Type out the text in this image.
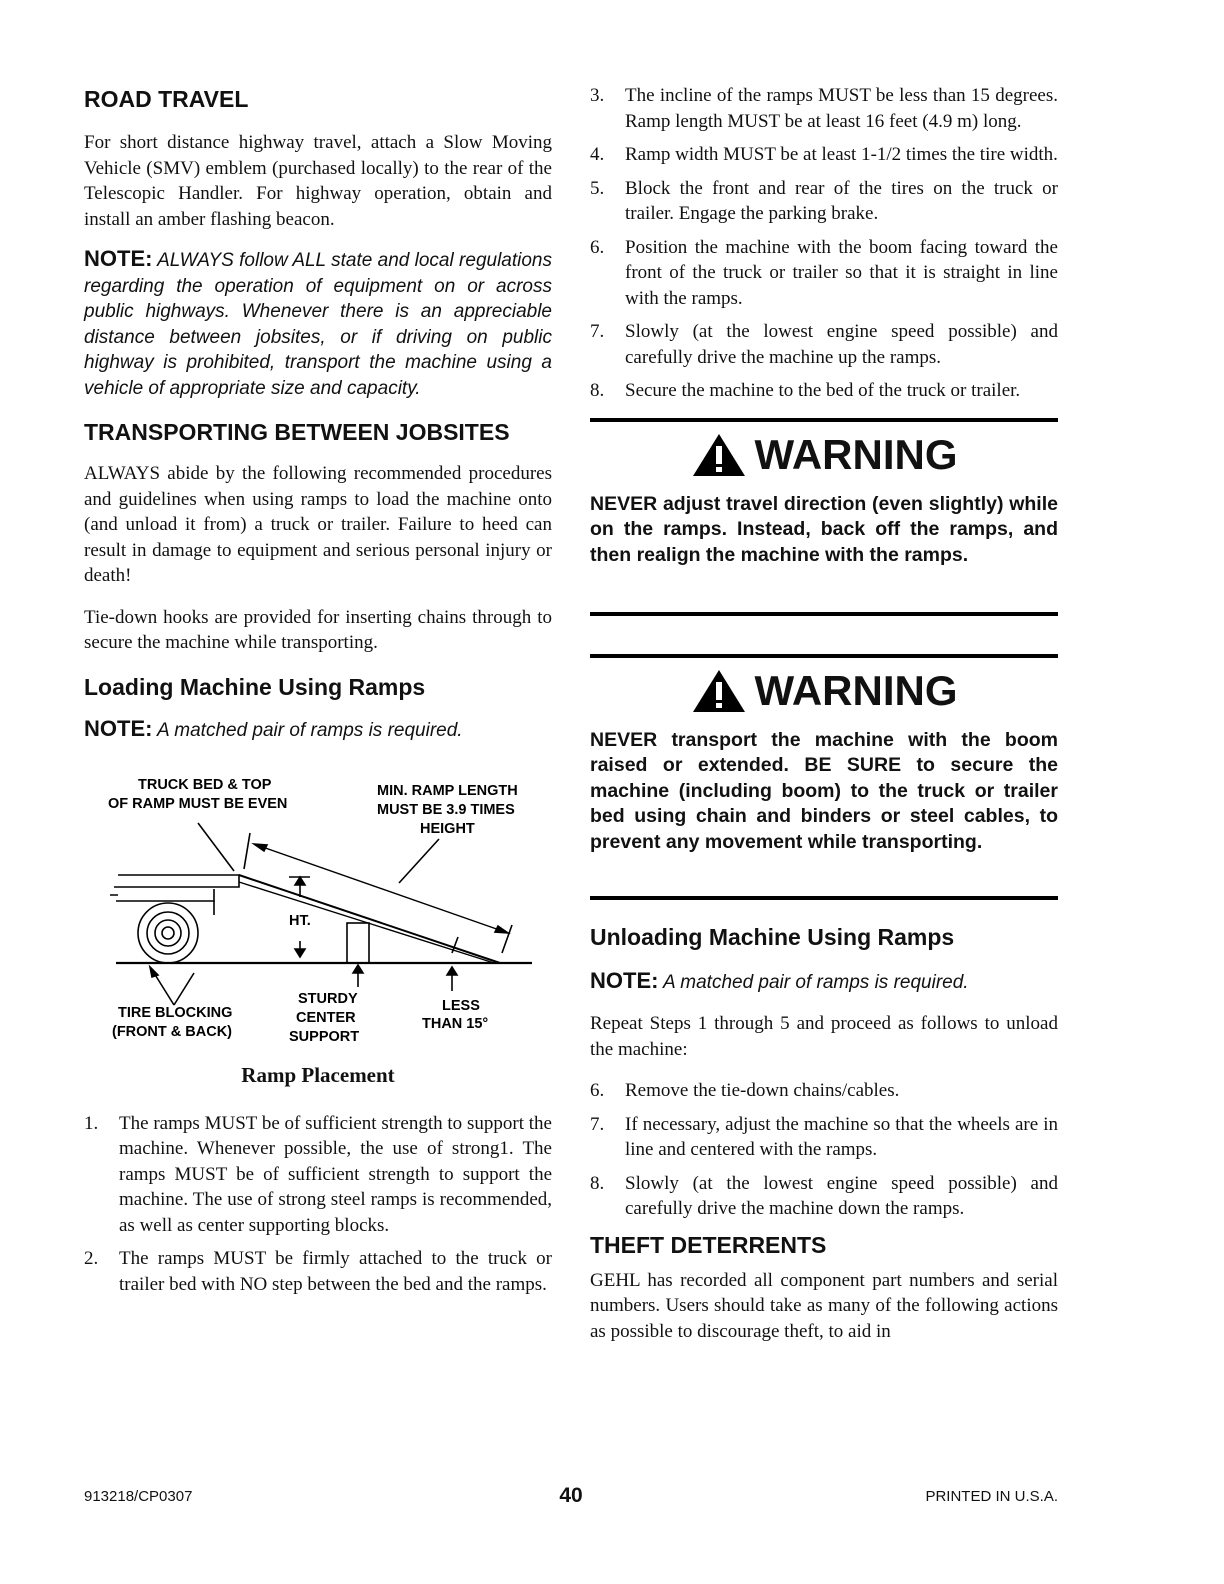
ROAD TRAVEL

For short distance highway travel, attach a Slow Moving Vehicle (SMV) emblem (purchased locally) to the rear of the Telescopic Handler. For highway operation, obtain and install an amber flashing beacon.

NOTE: ALWAYS follow ALL state and local regulations regarding the operation of equipment on or across public highways. Whenever there is an appreciable distance between jobsites, or if driving on public highway is prohibited, transport the machine using a vehicle of appropriate size and capacity.

TRANSPORTING BETWEEN JOBSITES

ALWAYS abide by the following recommended procedures and guidelines when using ramps to load the machine onto (and unload it from) a truck or trailer. Failure to heed can result in damage to equipment and serious personal injury or death!

Tie-down hooks are provided for inserting chains through to secure the machine while transporting.

Loading Machine Using Ramps

NOTE: A matched pair of ramps is required.

TRUCK BED & TOP
OF RAMP MUST BE EVEN
MIN. RAMP LENGTH
MUST BE 3.9 TIMES
HEIGHT
HT.
TIRE BLOCKING
(FRONT & BACK)
STURDY
CENTER
SUPPORT
LESS
THAN 15°

Ramp Placement

1. The ramps MUST be of sufficient strength to support the machine. Whenever possible, the use of strong1. The ramps MUST be of sufficient strength to support the machine. The use of strong steel ramps is recommended, as well as center supporting blocks.
2. The ramps MUST be firmly attached to the truck or trailer bed with NO step between the bed and the ramps.
3. The incline of the ramps MUST be less than 15 degrees. Ramp length MUST be at least 16 feet (4.9 m) long.
4. Ramp width MUST be at least 1-1/2 times the tire width.
5. Block the front and rear of the tires on the truck or trailer. Engage the parking brake.
6. Position the machine with the boom facing toward the front of the truck or trailer so that it is straight in line with the ramps.
7. Slowly (at the lowest engine speed possible) and carefully drive the machine up the ramps.
8. Secure the machine to the bed of the truck or trailer.
WARNING

NEVER adjust travel direction (even slightly) while on the ramps. Instead, back off the ramps, and then realign the machine with the ramps.

WARNING

NEVER transport the machine with the boom raised or extended. BE SURE to secure the machine (including boom) to the truck or trailer bed using chain and binders or steel cables, to prevent any movement while transporting.

Unloading Machine Using Ramps

NOTE: A matched pair of ramps is required.

Repeat Steps 1 through 5 and proceed as follows to unload the machine:

6. Remove the tie-down chains/cables.
7. If necessary, adjust the machine so that the wheels are in line and centered with the ramps.
8. Slowly (at the lowest engine speed possible) and carefully drive the machine down the ramps.
THEFT DETERRENTS

GEHL has recorded all component part numbers and serial numbers. Users should take as many of the following actions as possible to discourage theft, to aid in

913218/CP0307	40	PRINTED IN U.S.A.
